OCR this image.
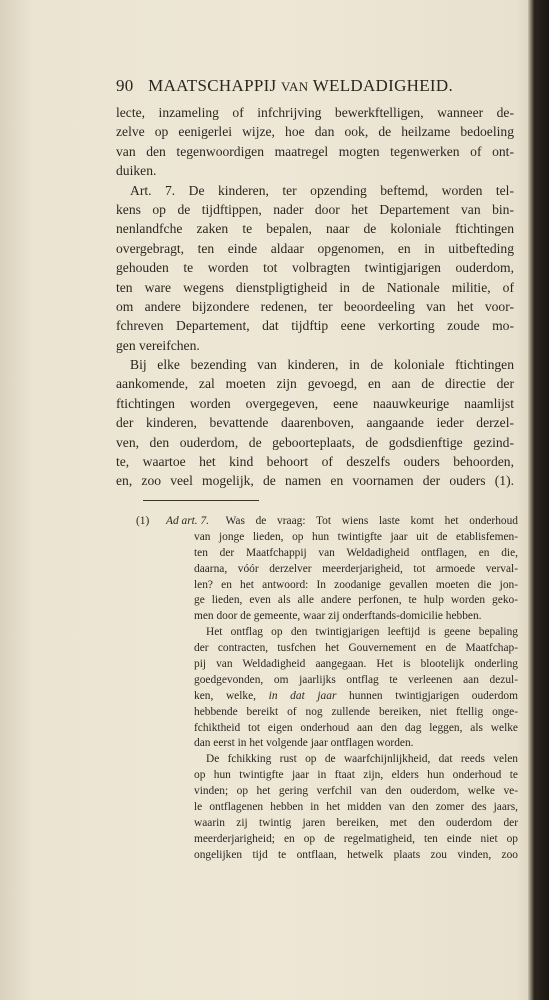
90 MAATSCHAPPIJ VAN WELDADIGHEID.
lecte, inzameling of infchrijving bewerkftelligen, wanneer de-
zelve op eenigerlei wijze, hoe dan ook, de heilzame bedoeling
van den tegenwoordigen maatregel mogten tegenwerken of ont-
duiken.
Art. 7. De kinderen, ter opzending beftemd, worden tel-
kens op de tijdftippen, nader door het Departement van bin-
nenlandfche zaken te bepalen, naar de koloniale ftichtingen
overgebragt, ten einde aldaar opgenomen, en in uitbefteding
gehouden te worden tot volbragten twintigjarigen ouderdom,
ten ware wegens dienstpligtigheid in de Nationale militie, of
om andere bijzondere redenen, ter beoordeeling van het voor-
fchreven Departement, dat tijdftip eene verkorting zoude mo-
gen vereifchen.
Bij elke bezending van kinderen, in de koloniale ftichtingen
aankomende, zal moeten zijn gevoegd, en aan de directie der
ftichtingen worden overgegeven, eene naauwkeurige naamlijst
der kinderen, bevattende daarenboven, aangaande ieder derzel-
ven, den ouderdom, de geboorteplaats, de godsdienftige gezind-
te, waartoe het kind behoort of deszelfs ouders behoorden,
en, zoo veel mogelijk, de namen en voornamen der ouders (1).
(1) Ad art. 7. Was de vraag: Tot wiens laste komt het onderhoud
van jonge lieden, op hun twintigfte jaar uit de etablisfemen-
ten der Maatfchappij van Weldadigheid ontflagen, en die,
daarna, vóór derzelver meerderjarigheid, tot armoede verval-
len? en het antwoord: In zoodanige gevallen moeten die jon-
ge lieden, even als alle andere perfonen, te hulp worden geko-
men door de gemeente, waar zij onderftands-domicilie hebben.
Het ontflag op den twintigjarigen leeftijd is geene bepaling
der contracten, tusfchen het Gouvernement en de Maatfchap-
pij van Weldadigheid aangegaan. Het is blootelijk onderling
goedgevonden, om jaarlijks ontflag te verleenen aan dezul-
ken, welke, in dat jaar hunnen twintigjarigen ouderdom
hebbende bereikt of nog zullende bereiken, niet ftellig onge-
fchiktheid tot eigen onderhoud aan den dag leggen, als welke
dan eerst in het volgende jaar ontflagen worden.
De fchikking rust op de waarfchijnlijkheid, dat reeds velen
op hun twintigfte jaar in ftaat zijn, elders hun onderhoud te
vinden; op het gering verfchil van den ouderdom, welke ve-
le ontflagenen hebben in het midden van den zomer des jaars,
waarin zij twintig jaren bereiken, met den ouderdom der
meerderjarigheid; en op de regelmatigheid, ten einde niet op
ongelijken tijd te ontflaan, hetwelk plaats zou vinden, zoo
